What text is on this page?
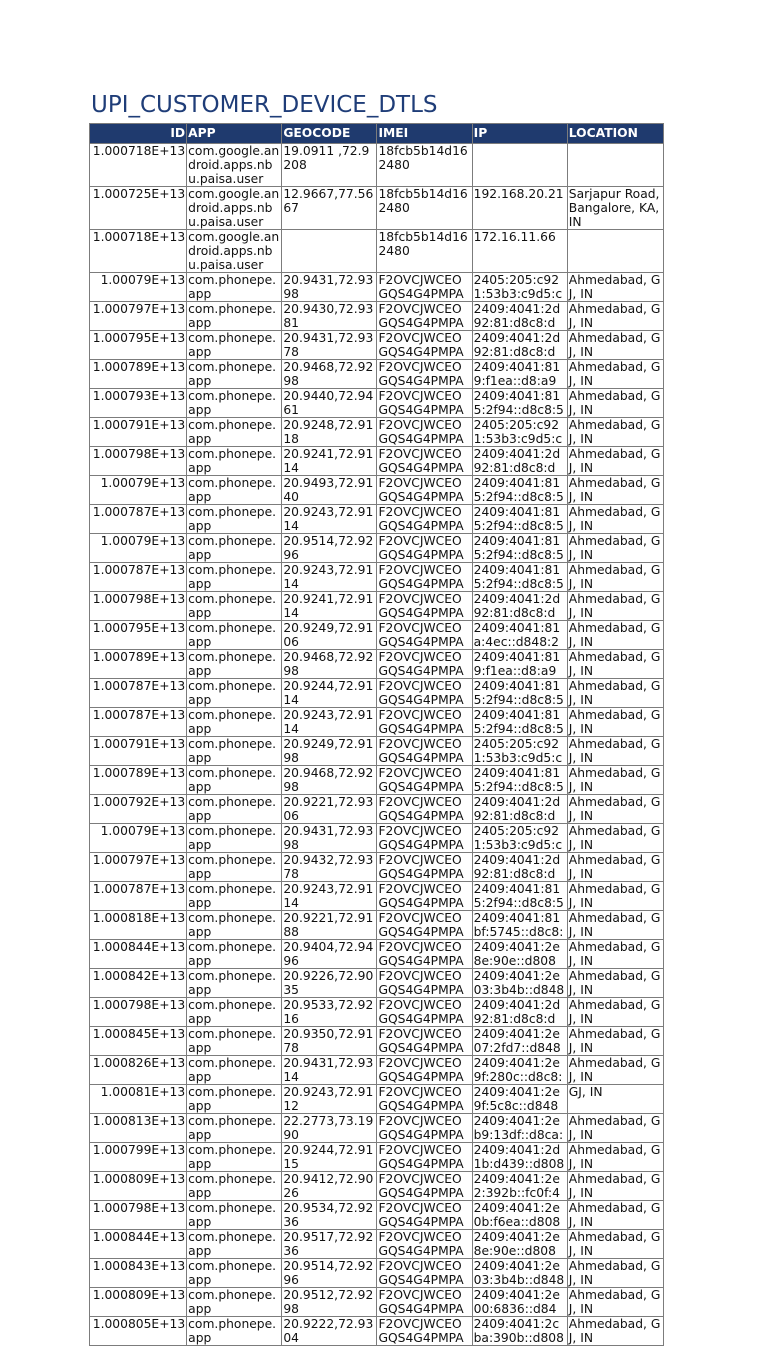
UPI_CUSTOMER_DEVICE_DTLS
ID	APP	GEOCODE	IMEI	IP	LOCATION

1.000718E+13	com.google.an droid.apps.nb u.paisa.user	19.0911 ,72.9 208	18fcb5b14d16 2480		

1.000725E+13	com.google.an droid.apps.nb u.paisa.user	12.9667,77.56 67	18fcb5b14d16 2480	192.168.20.21	Sarjapur Road, Bangalore, KA, IN

1.000718E+13	com.google.an droid.apps.nb u.paisa.user		18fcb5b14d16 2480	172.16.11.66	

1.00079E+13	com.phonepe. app	20.9431,72.93 98	F2OVCJWCEO GQS4G4PMPA	2405:205:c92 1:53b3:c9d5:c	Ahmedabad, GJ, IN

1.000797E+13	com.phonepe. app	20.9430,72.93 81	F2OVCJWCEO GQS4G4PMPA	2409:4041:2d 92:81:d8c8:d	Ahmedabad, GJ, IN

1.000795E+13	com.phonepe. app	20.9431,72.93 78	F2OVCJWCEO GQS4G4PMPA	2409:4041:2d 92:81:d8c8:d	Ahmedabad, GJ, IN

1.000789E+13	com.phonepe. app	20.9468,72.92 98	F2OVCJWCEO GQS4G4PMPA	2409:4041:81 9:f1ea::d8:a9	Ahmedabad, GJ, IN

1.000793E+13	com.phonepe. app	20.9440,72.94 61	F2OVCJWCEO GQS4G4PMPA	2409:4041:81 5:2f94::d8c8:5	Ahmedabad, GJ, IN

1.000791E+13	com.phonepe. app	20.9248,72.91 18	F2OVCJWCEO GQS4G4PMPA	2405:205:c92 1:53b3:c9d5:c	Ahmedabad, GJ, IN

1.000798E+13	com.phonepe. app	20.9241,72.91 14	F2OVCJWCEO GQS4G4PMPA	2409:4041:2d 92:81:d8c8:d	Ahmedabad, GJ, IN

1.00079E+13	com.phonepe. app	20.9493,72.91 40	F2OVCJWCEO GQS4G4PMPA	2409:4041:81 5:2f94::d8c8:5	Ahmedabad, GJ, IN

1.000787E+13	com.phonepe. app	20.9243,72.91 14	F2OVCJWCEO GQS4G4PMPA	2409:4041:81 5:2f94::d8c8:5	Ahmedabad, GJ, IN

1.00079E+13	com.phonepe. app	20.9514,72.92 96	F2OVCJWCEO GQS4G4PMPA	2409:4041:81 5:2f94::d8c8:5	Ahmedabad, GJ, IN

1.000787E+13	com.phonepe. app	20.9243,72.91 14	F2OVCJWCEO GQS4G4PMPA	2409:4041:81 5:2f94::d8c8:5	Ahmedabad, GJ, IN

1.000798E+13	com.phonepe. app	20.9241,72.91 14	F2OVCJWCEO GQS4G4PMPA	2409:4041:2d 92:81:d8c8:d	Ahmedabad, GJ, IN

1.000795E+13	com.phonepe. app	20.9249,72.91 06	F2OVCJWCEO GQS4G4PMPA	2409:4041:81 a:4ec::d848:2	Ahmedabad, GJ, IN

1.000789E+13	com.phonepe. app	20.9468,72.92 98	F2OVCJWCEO GQS4G4PMPA	2409:4041:81 9:f1ea::d8:a9	Ahmedabad, GJ, IN

1.000787E+13	com.phonepe. app	20.9244,72.91 14	F2OVCJWCEO GQS4G4PMPA	2409:4041:81 5:2f94::d8c8:5	Ahmedabad, GJ, IN

1.000787E+13	com.phonepe. app	20.9243,72.91 14	F2OVCJWCEO GQS4G4PMPA	2409:4041:81 5:2f94::d8c8:5	Ahmedabad, GJ, IN

1.000791E+13	com.phonepe. app	20.9249,72.91 98	F2OVCJWCEO GQS4G4PMPA	2405:205:c92 1:53b3:c9d5:c	Ahmedabad, GJ, IN

1.000789E+13	com.phonepe. app	20.9468,72.92 98	F2OVCJWCEO GQS4G4PMPA	2409:4041:81 5:2f94::d8c8:5	Ahmedabad, GJ, IN

1.000792E+13	com.phonepe. app	20.9221,72.93 06	F2OVCJWCEO GQS4G4PMPA	2409:4041:2d 92:81:d8c8:d	Ahmedabad, GJ, IN

1.00079E+13	com.phonepe. app	20.9431,72.93 98	F2OVCJWCEO GQS4G4PMPA	2405:205:c92 1:53b3:c9d5:c	Ahmedabad, GJ, IN

1.000797E+13	com.phonepe. app	20.9432,72.93 78	F2OVCJWCEO GQS4G4PMPA	2409:4041:2d 92:81:d8c8:d	Ahmedabad, GJ, IN

1.000787E+13	com.phonepe. app	20.9243,72.91 14	F2OVCJWCEO GQS4G4PMPA	2409:4041:81 5:2f94::d8c8:5	Ahmedabad, GJ, IN

1.000818E+13	com.phonepe. app	20.9221,72.91 88	F2OVCJWCEO GQS4G4PMPA	2409:4041:81 bf:5745::d8c8:	Ahmedabad, GJ, IN

1.000844E+13	com.phonepe. app	20.9404,72.94 96	F2OVCJWCEO GQS4G4PMPA	2409:4041:2e 8e:90e::d808	Ahmedabad, GJ, IN

1.000842E+13	com.phonepe. app	20.9226,72.90 35	F2OVCJWCEO GQS4G4PMPA	2409:4041:2e 03:3b4b::d848	Ahmedabad, GJ, IN

1.000798E+13	com.phonepe. app	20.9533,72.92 16	F2OVCJWCEO GQS4G4PMPA	2409:4041:2d 92:81:d8c8:d	Ahmedabad, GJ, IN

1.000845E+13	com.phonepe. app	20.9350,72.91 78	F2OVCJWCEO GQS4G4PMPA	2409:4041:2e 07:2fd7::d848	Ahmedabad, GJ, IN

1.000826E+13	com.phonepe. app	20.9431,72.93 14	F2OVCJWCEO GQS4G4PMPA	2409:4041:2e 9f:280c::d8c8:	Ahmedabad, GJ, IN

1.00081E+13	com.phonepe. app	20.9243,72.91 12	F2OVCJWCEO GQS4G4PMPA	2409:4041:2e 9f:5c8c::d848	GJ, IN

1.000813E+13	com.phonepe. app	22.2773,73.19 90	F2OVCJWCEO GQS4G4PMPA	2409:4041:2e b9:13df::d8ca:	Ahmedabad, GJ, IN

1.000799E+13	com.phonepe. app	20.9244,72.91 15	F2OVCJWCEO GQS4G4PMPA	2409:4041:2d 1b:d439::d808	Ahmedabad, GJ, IN

1.000809E+13	com.phonepe. app	20.9412,72.90 26	F2OVCJWCEO GQS4G4PMPA	2409:4041:2e 2:392b::fc0f:4	Ahmedabad, GJ, IN

1.000798E+13	com.phonepe. app	20.9534,72.92 36	F2OVCJWCEO GQS4G4PMPA	2409:4041:2e 0b:f6ea::d808	Ahmedabad, GJ, IN

1.000844E+13	com.phonepe. app	20.9517,72.92 36	F2OVCJWCEO GQS4G4PMPA	2409:4041:2e 8e:90e::d808	Ahmedabad, GJ, IN

1.000843E+13	com.phonepe. app	20.9514,72.92 96	F2OVCJWCEO GQS4G4PMPA	2409:4041:2e 03:3b4b::d848	Ahmedabad, GJ, IN

1.000809E+13	com.phonepe. app	20.9512,72.92 98	F2OVCJWCEO GQS4G4PMPA	2409:4041:2e 00:6836::d84	Ahmedabad, GJ, IN

1.000805E+13	com.phonepe. app	20.9222,72.93 04	F2OVCJWCEO GQS4G4PMPA	2409:4041:2c ba:390b::d808	Ahmedabad, GJ, IN
